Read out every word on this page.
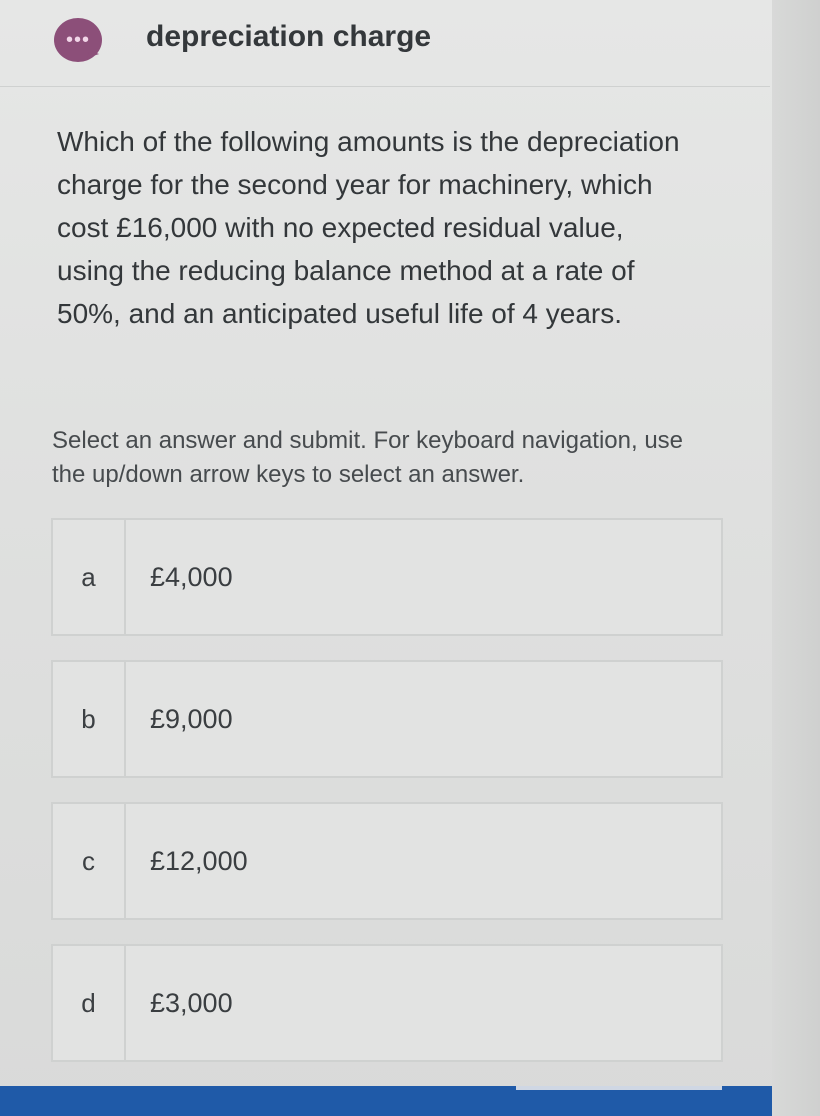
•••	depreciation charge
Which of the following amounts is the depreciation charge for the second year for machinery, which cost £16,000 with no expected residual value, using the reducing balance method at a rate of 50%, and an anticipated useful life of 4 years.
Select an answer and submit. For keyboard navigation, use the up/down arrow keys to select an answer.
a	£4,000
b	£9,000
c	£12,000
d	£3,000
